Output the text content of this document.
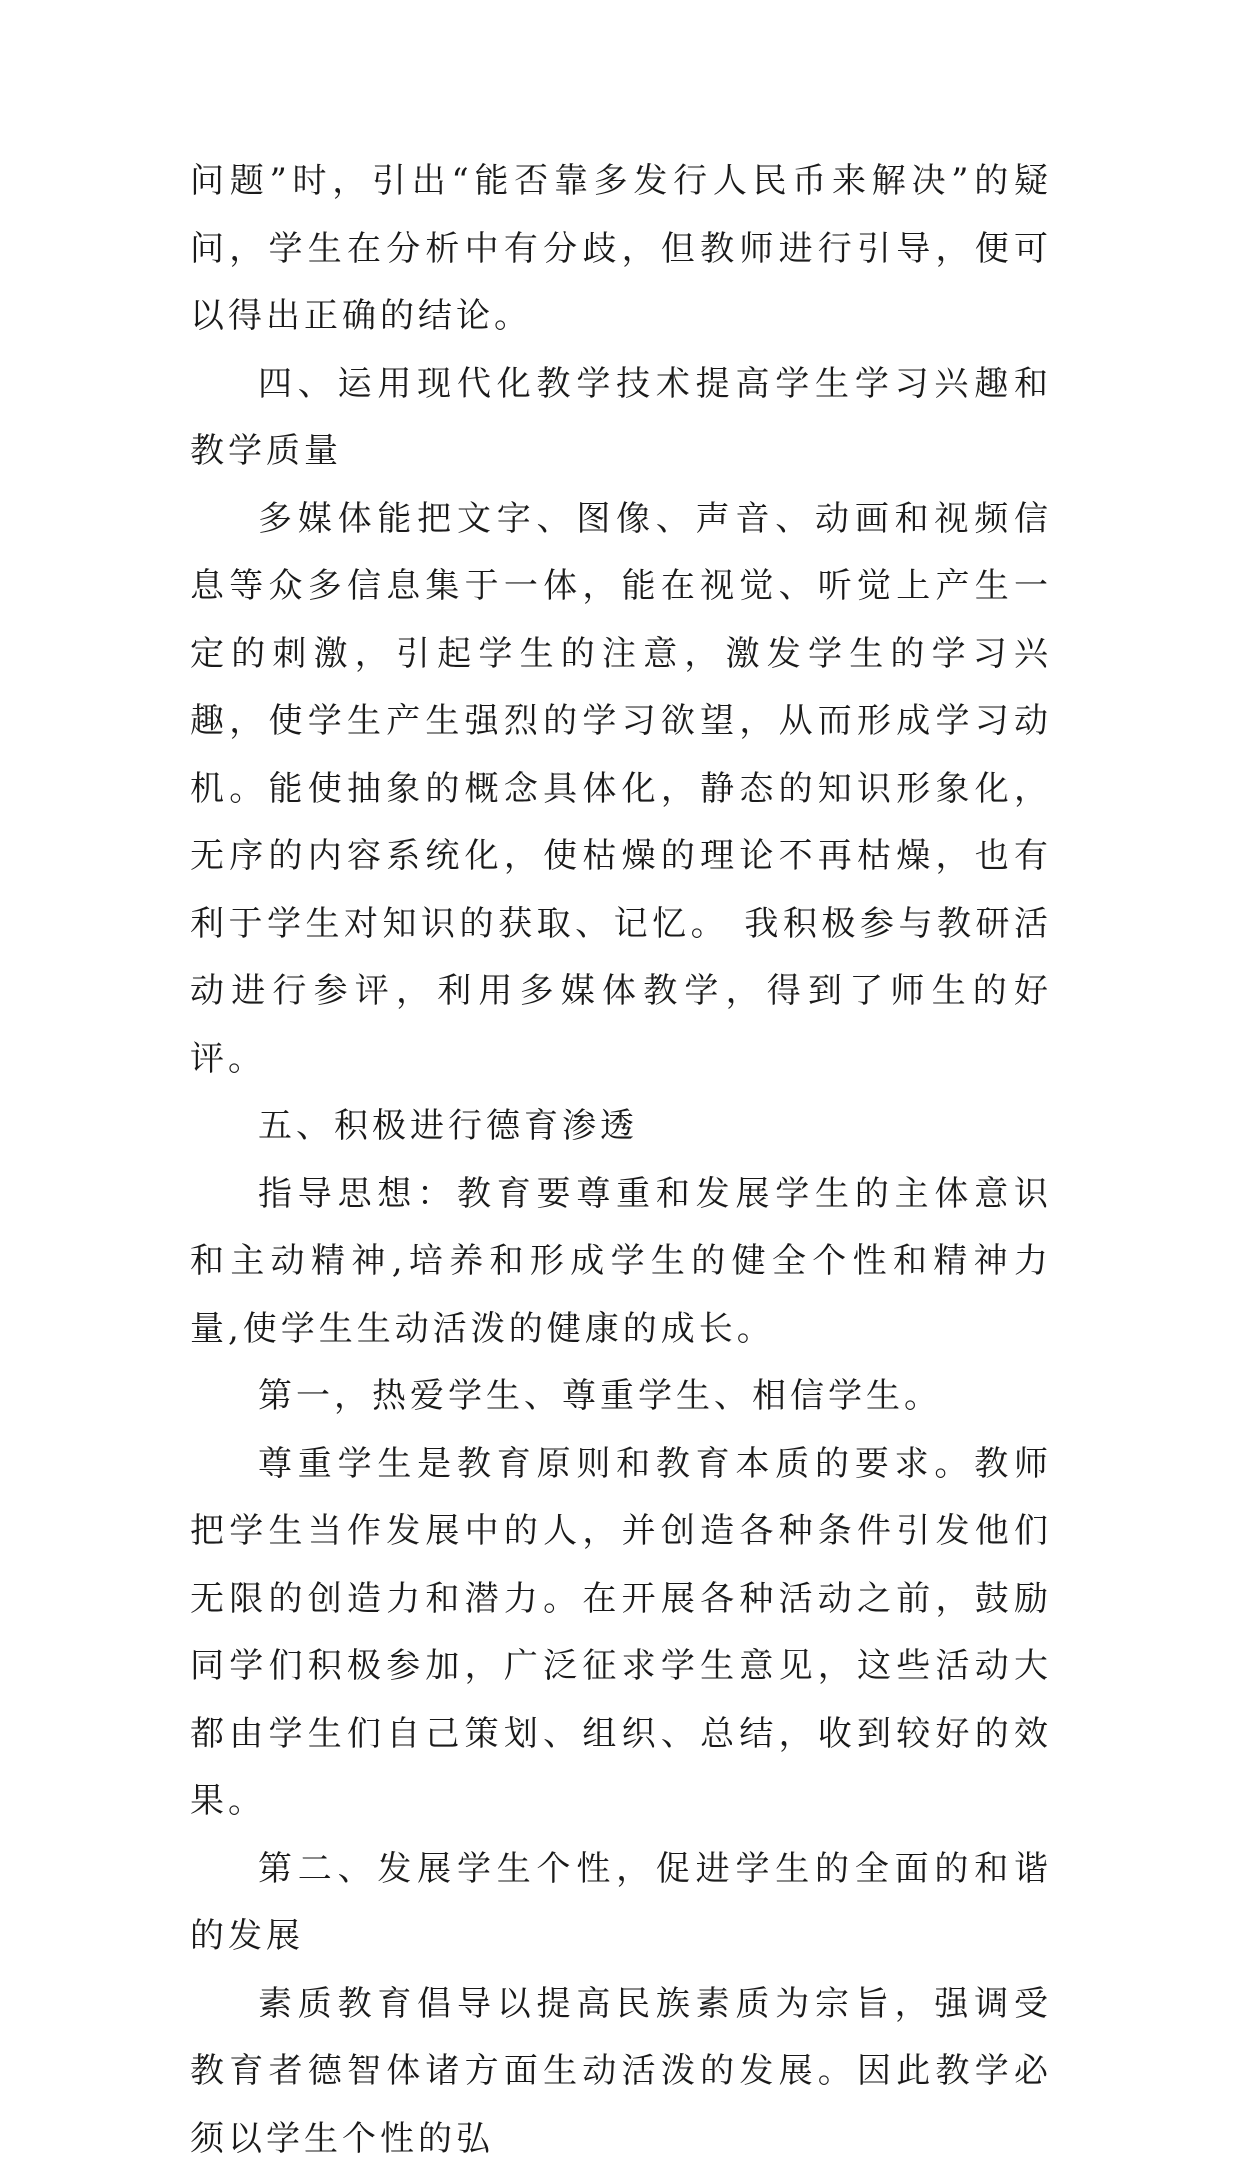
问题”时，引出“能否靠多发行人民币来解决”的疑问，学生在分析中有分歧，但教师进行引导，便可以得出正确的结论。

四、运用现代化教学技术提高学生学习兴趣和教学质量

多媒体能把文字、图像、声音、动画和视频信息等众多信息集于一体，能在视觉、听觉上产生一定的刺激，引起学生的注意，激发学生的学习兴趣，使学生产生强烈的学习欲望，从而形成学习动机。能使抽象的概念具体化，静态的知识形象化，无序的内容系统化，使枯燥的理论不再枯燥，也有利于学生对知识的获取、记忆。 我积极参与教研活动进行参评，利用多媒体教学，得到了师生的好评。

五、积极进行德育渗透

指导思想：教育要尊重和发展学生的主体意识和主动精神,培养和形成学生的健全个性和精神力量,使学生生动活泼的健康的成长。

第一，热爱学生、尊重学生、相信学生。

尊重学生是教育原则和教育本质的要求。教师把学生当作发展中的人，并创造各种条件引发他们无限的创造力和潜力。在开展各种活动之前，鼓励同学们积极参加，广泛征求学生意见，这些活动大都由学生们自己策划、组织、总结，收到较好的效果。

第二、发展学生个性，促进学生的全面的和谐的发展

素质教育倡导以提高民族素质为宗旨，强调受教育者德智体诸方面生动活泼的发展。因此教学必须以学生个性的弘
